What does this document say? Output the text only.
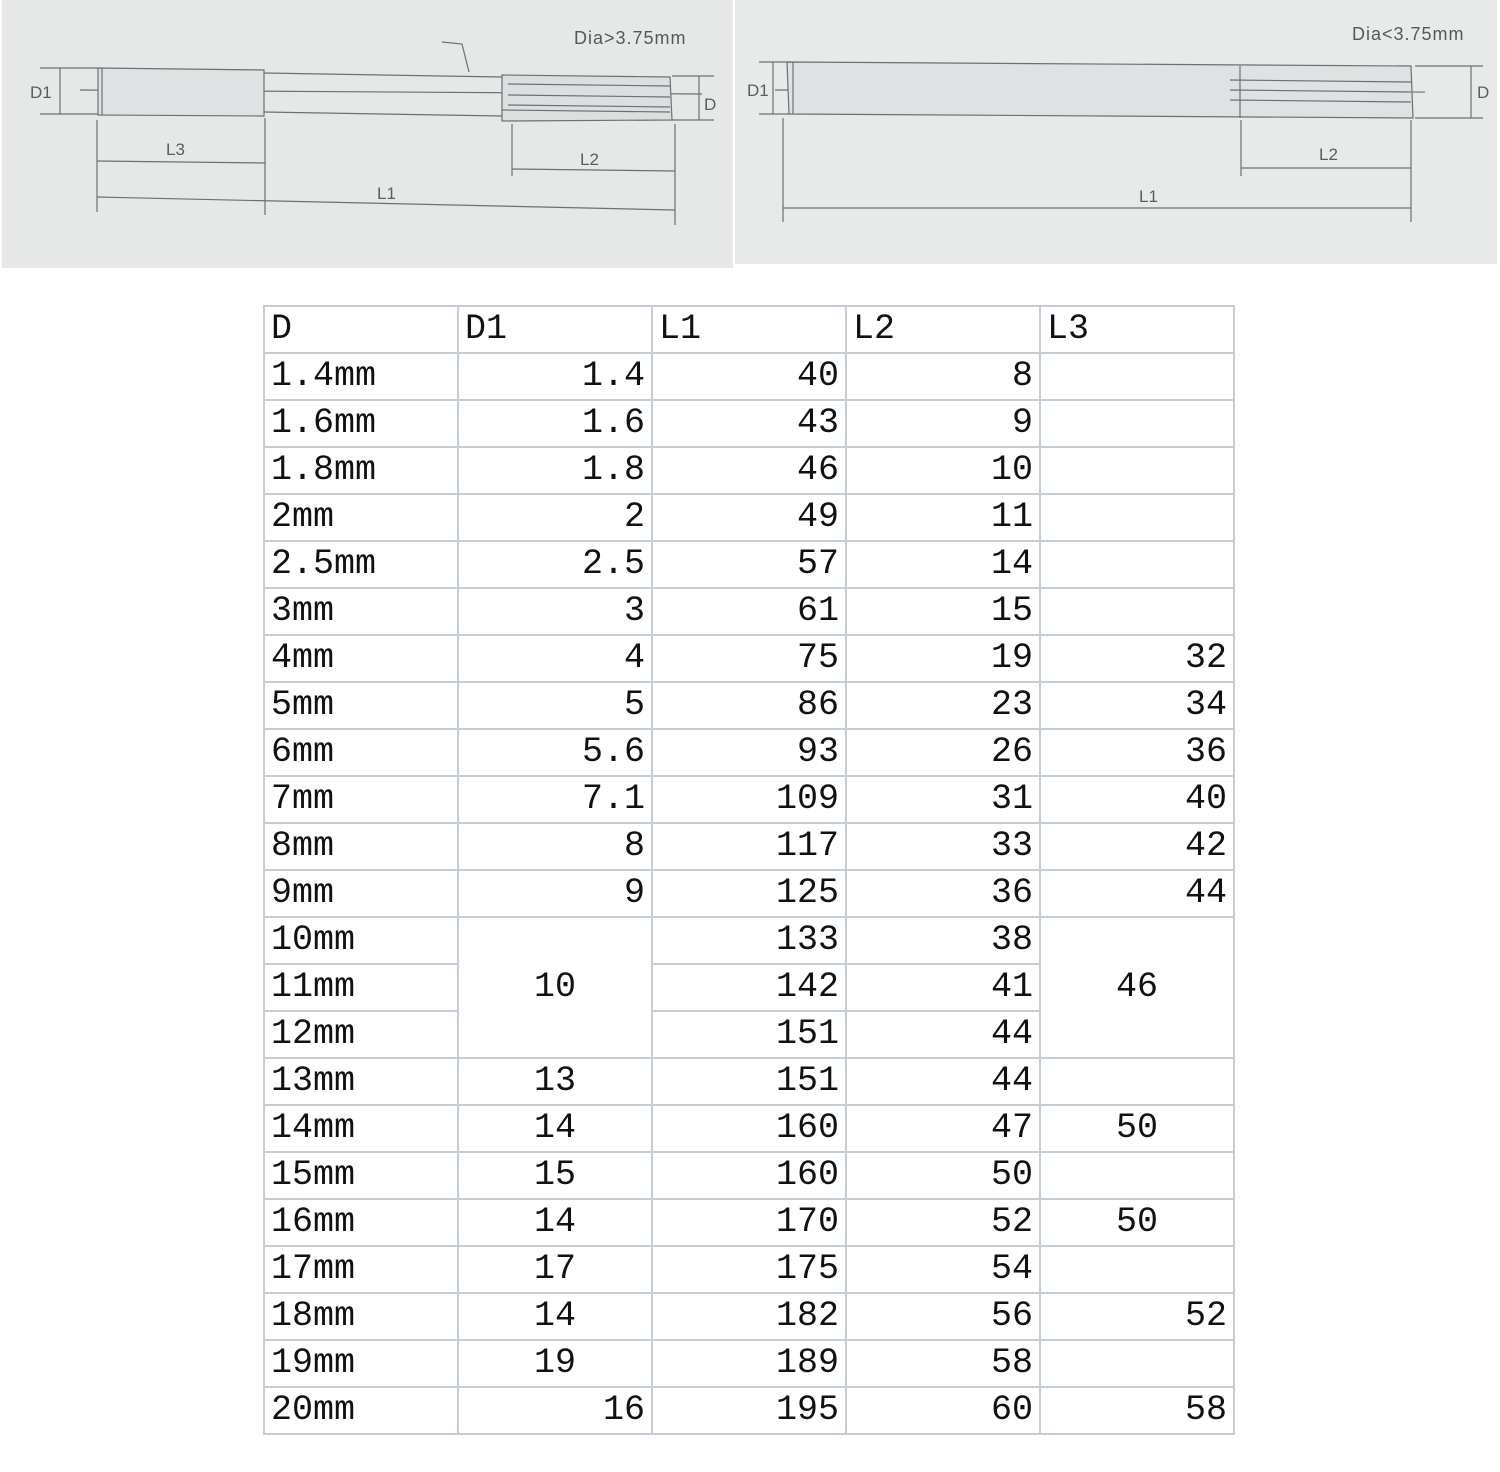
D1
D
L3
L2
L1
Dia>3.75mm
D1	D
L2
L1
Dia<3.75mm
D	D1	L1	L2	L3
1.4mm	1.4	40	8	
1.6mm	1.6	43	9	
1.8mm	1.8	46	10	
2mm	2	49	11	
2.5mm	2.5	57	14	
3mm	3	61	15	
4mm	4	75	19	32
5mm	5	86	23	34
6mm	5.6	93	26	36
7mm	7.1	109	31	40
8mm	8	117	33	42
9mm	9	125	36	44
10mm	10	133	38	46
11mm		142	41	
12mm		151	44	
13mm	13	151	44	
14mm	14	160	47	50
15mm	15	160	50	
16mm	14	170	52	50
17mm	17	175	54	
18mm	14	182	56	52
19mm	19	189	58	
20mm	16	195	60	58
